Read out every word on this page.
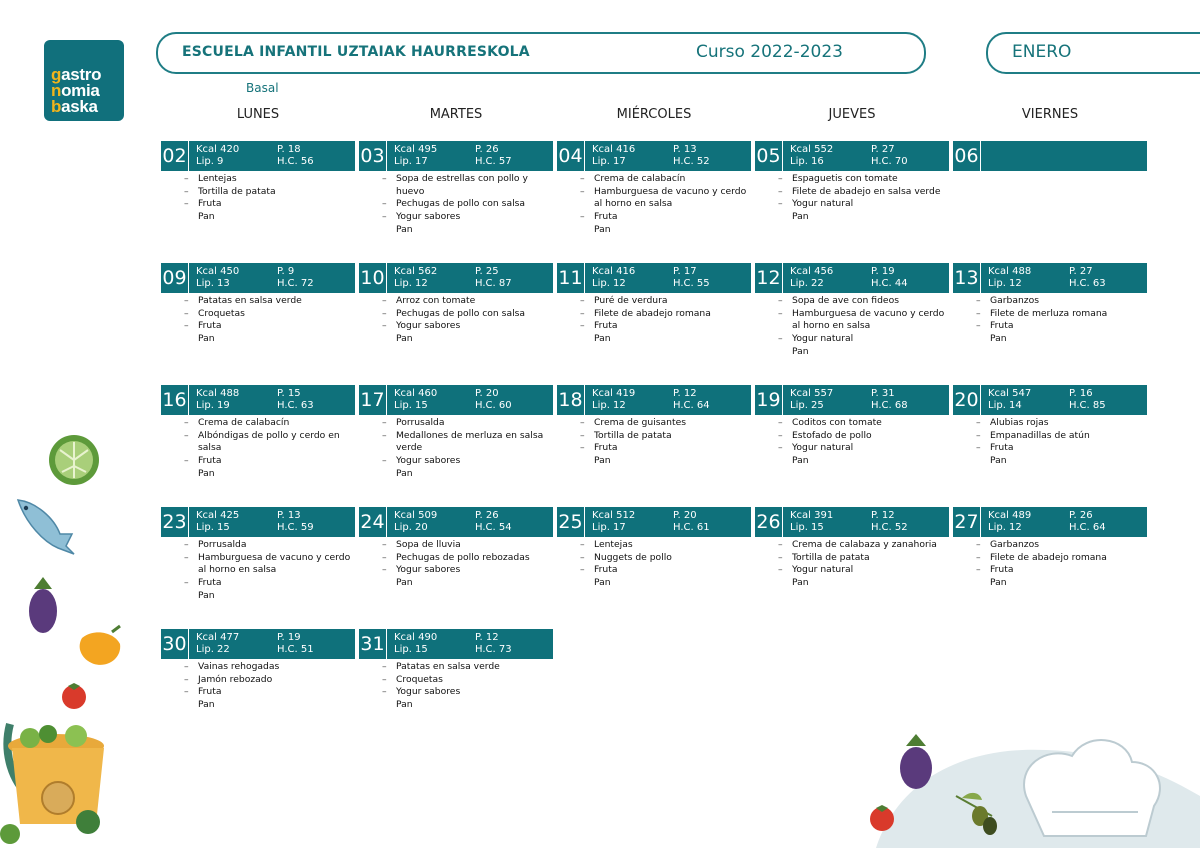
gastro
nomia
baska
ESCUELA INFANTIL UZTAIAK HAURRESKOLA	Curso 2022-2023	ENERO
Basal
LUNES	MARTES	MIÉRCOLES	JUEVES	VIERNES
02 Kcal 420	P. 18
Lip. 9	H.C. 56
– Lentejas
– Tortilla de patata
– Fruta
Pan
03 Kcal 495	P. 26
Lip. 17	H.C. 57
– Sopa de estrellas con pollo y huevo
– Pechugas de pollo con salsa
– Yogur sabores
Pan
04 Kcal 416	P. 13
Lip. 17	H.C. 52
– Crema de calabacín
– Hamburguesa de vacuno y cerdo al horno en salsa
– Fruta
Pan
05 Kcal 552	P. 27
Lip. 16	H.C. 70
– Espaguetis con tomate
– Filete de abadejo en salsa verde
– Yogur natural
Pan
06
09 Kcal 450	P. 9
Lip. 13	H.C. 72
– Patatas en salsa verde
– Croquetas
– Fruta
Pan
10 Kcal 562	P. 25
Lip. 12	H.C. 87
– Arroz con tomate
– Pechugas de pollo con salsa
– Yogur sabores
Pan
11 Kcal 416	P. 17
Lip. 12	H.C. 55
– Puré de verdura
– Filete de abadejo romana
– Fruta
Pan
12 Kcal 456	P. 19
Lip. 22	H.C. 44
– Sopa de ave con fideos
– Hamburguesa de vacuno y cerdo al horno en salsa
– Yogur natural
Pan
13 Kcal 488	P. 27
Lip. 12	H.C. 63
– Garbanzos
– Filete de merluza romana
– Fruta
Pan
16 Kcal 488	P. 15
Lip. 19	H.C. 63
– Crema de calabacín
– Albóndigas de pollo y cerdo en salsa
– Fruta
Pan
17 Kcal 460	P. 20
Lip. 15	H.C. 60
– Porrusalda
– Medallones de merluza en salsa verde
– Yogur sabores
Pan
18 Kcal 419	P. 12
Lip. 12	H.C. 64
– Crema de guisantes
– Tortilla de patata
– Fruta
Pan
19 Kcal 557	P. 31
Lip. 25	H.C. 68
– Coditos con tomate
– Estofado de pollo
– Yogur natural
Pan
20 Kcal 547	P. 16
Lip. 14	H.C. 85
– Alubias rojas
– Empanadillas de atún
– Fruta
Pan
23 Kcal 425	P. 13
Lip. 15	H.C. 59
– Porrusalda
– Hamburguesa de vacuno y cerdo al horno en salsa
– Fruta
Pan
24 Kcal 509	P. 26
Lip. 20	H.C. 54
– Sopa de lluvia
– Pechugas de pollo rebozadas
– Yogur sabores
Pan
25 Kcal 512	P. 20
Lip. 17	H.C. 61
– Lentejas
– Nuggets de pollo
– Fruta
Pan
26 Kcal 391	P. 12
Lip. 15	H.C. 52
– Crema de calabaza y zanahoria
– Tortilla de patata
– Yogur natural
Pan
27 Kcal 489	P. 26
Lip. 12	H.C. 64
– Garbanzos
– Filete de abadejo romana
– Fruta
Pan
30 Kcal 477	P. 19
Lip. 22	H.C. 51
– Vainas rehogadas
– Jamón rebozado
– Fruta
Pan
31 Kcal 490	P. 12
Lip. 15	H.C. 73
– Patatas en salsa verde
– Croquetas
– Yogur sabores
Pan
